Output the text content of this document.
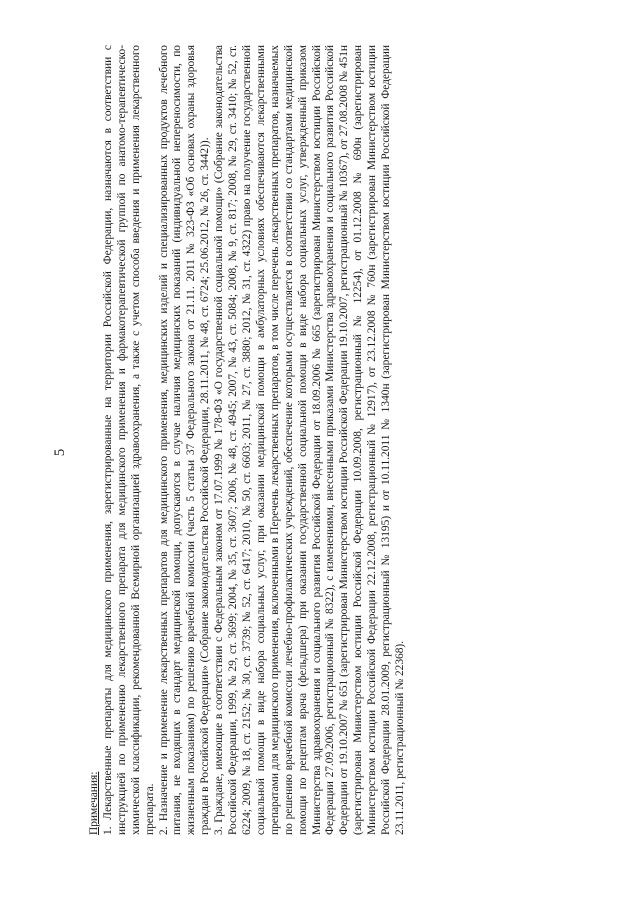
5

Примечания: 1. Лекарственные препараты для медицинского применения, зарегистрированные на территории Российской Федерации, назначаются в соответствии с инструкцией по применению лекарственного препарата для медицинского применения и фармакотерапевтической группой по анатомо-терапевтическо-химической классификации, рекомендованной Всемирной организацией здравоохранения, а также с учетом способа введения и применения лекарственного препарата. 2. Назначение и применение лекарственных препаратов для медицинского применения, медицинских изделий и специализированных продуктов лечебного питания, не входящих в стандарт медицинской помощи, допускаются в случае наличия медицинских показаний (индивидуальной непереносимости, по жизненным показаниям) по решению врачебной комиссии (часть 5 статьи 37 Федерального закона от 21.11. 2011 № 323-ФЗ «Об основах охраны здоровья граждан в Российской Федерации» (Собрание законодательства Российской Федерации, 28.11.2011, № 48, ст. 6724; 25.06.2012, № 26, ст. 3442)). 3. Граждане, имеющие в соответствии с Федеральным законом от 17.07.1999 № 178-ФЗ «О государственной социальной помощи» (Собрание законодательства Российской Федерации, 1999, № 29, ст. 3699; 2004, № 35, ст. 3607; 2006, № 48, ст. 4945; 2007, № 43, ст. 5084; 2008, № 9, ст. 817; 2008, № 29, ст. 3410; № 52, ст. 6224; 2009, № 18, ст. 2152; № 30, ст. 3739; № 52, ст. 6417; 2010, № 50, ст. 6603; 2011, № 27, ст. 3880; 2012, № 31, ст. 4322) право на получение государственной социальной помощи в виде набора социальных услуг, при оказании медицинской помощи в амбулаторных условиях обеспечиваются лекарственными препаратами для медицинского применения, включенными в Перечень лекарственных препаратов, в том числе перечень лекарственных препаратов, назначаемых по решению врачебной комиссии лечебно-профилактических учреждений, обеспечение которыми осуществляется в соответствии со стандартами медицинской помощи по рецептам врача (фельдшера) при оказании государственной социальной помощи в виде набора социальных услуг, утвержденный приказом Министерства здравоохранения и социального развития Российской Федерации от 18.09.2006 № 665 (зарегистрирован Министерством юстиции Российской Федерации 27.09.2006, регистрационный № 8322), с изменениями, внесенными приказами Министерства здравоохранения и социального развития Российской Федерации от 19.10.2007 № 651 (зарегистрирован Министерством юстиции Российской Федерации 19.10.2007, регистрационный № 10367), от 27.08.2008 № 451н (зарегистрирован Министерством юстиции Российской Федерации 10.09.2008, регистрационный № 12254), от 01.12.2008 № 690н (зарегистрирован Министерством юстиции Российской Федерации 22.12.2008, регистрационный № 12917), от 23.12.2008 № 760н (зарегистрирован Министерством юстиции Российской Федерации 28.01.2009, регистрационный № 13195) и от 10.11.2011 № 1340н (зарегистрирован Министерством юстиции Российской Федерации 23.11.2011, регистрационный № 22368).
